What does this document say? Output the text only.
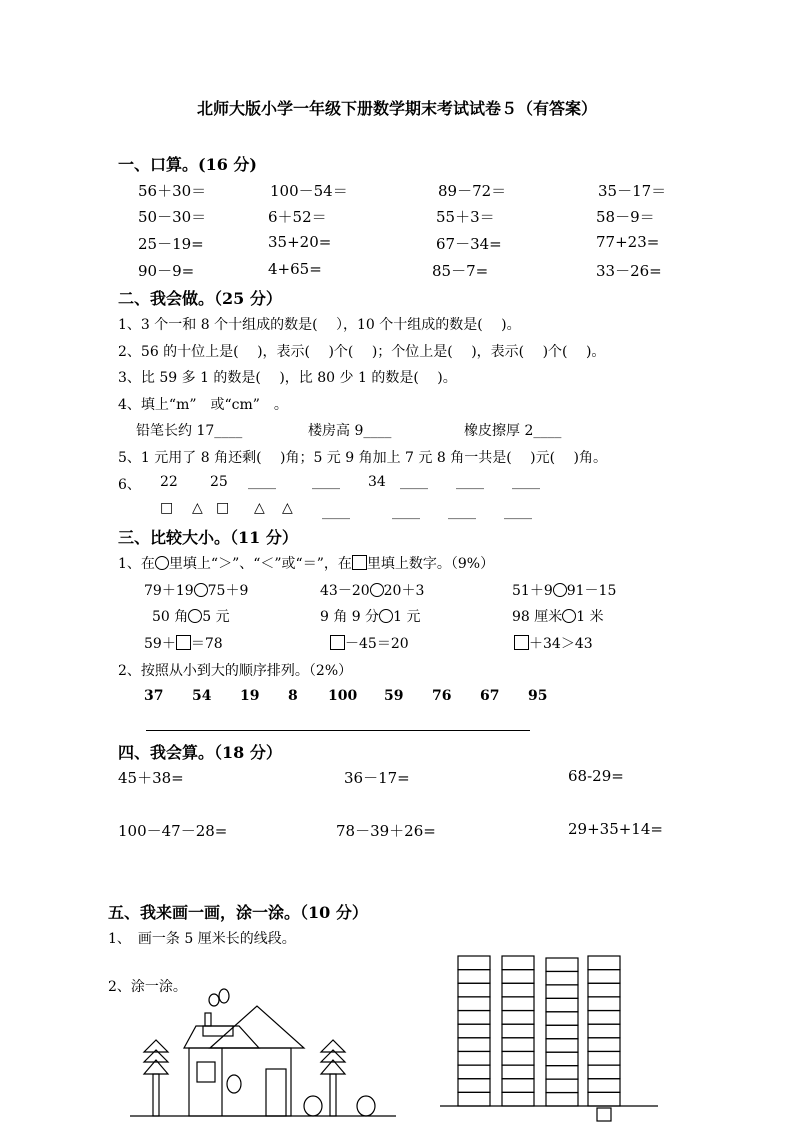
北师大版小学一年级下册数学期末考试试卷５（有答案）
一、口算。(16 分)
56＋30＝	100－54＝	89－72＝	35－17＝
50－30＝	6＋52＝	55＋3＝	58－9＝
25－19=	35+20=	67－34=	77+23=
90－9=	4+65=	85－7=	33－26=
二、我会做。（25 分）
1、3 个一和 8 个十组成的数是(　 ），10 个十组成的数是(　 )。
2、56 的十位上是(　 )，表示(　 )个(　 )；个位上是(　 )，表示(　 )个(　 )。
3、比 59 多 1 的数是(　 )，比 80 少 1 的数是(　 )。
4、填上“m”　或“cm”　。
铅笔长约 17____	楼房高 9____	橡皮擦厚 2____
5、1 元用了 8 角还剩(　 )角；5 元 9 角加上 7 元 8 角一共是(　 )元(　 )角。
6、 22 25 ____	____ 34 ____ ____ ____
□ △ □ △ △ ____	____ ____ ____
三、比较大小。（11 分）
1、在 里填上“＞”、“＜”或“＝”，在 里填上数字。（9%）
79＋19 75＋9	43－20 20＋3	51＋9 91－15
50 角 5 元	9 角 9 分 1 元	98 厘米 1 米
59＋ ＝78	－45＝20	＋34＞43
2、按照从小到大的顺序排列。（2%）
37 54 19 8 100 59 76 67 95
四、我会算。（18 分）
45＋38=	36－17=	68-29=
100－47－28=	78－39＋26=	29+35+14=
五、我来画一画，涂一涂。（10 分）
1、　画一条 5 厘米长的线段。
2、涂一涂。
